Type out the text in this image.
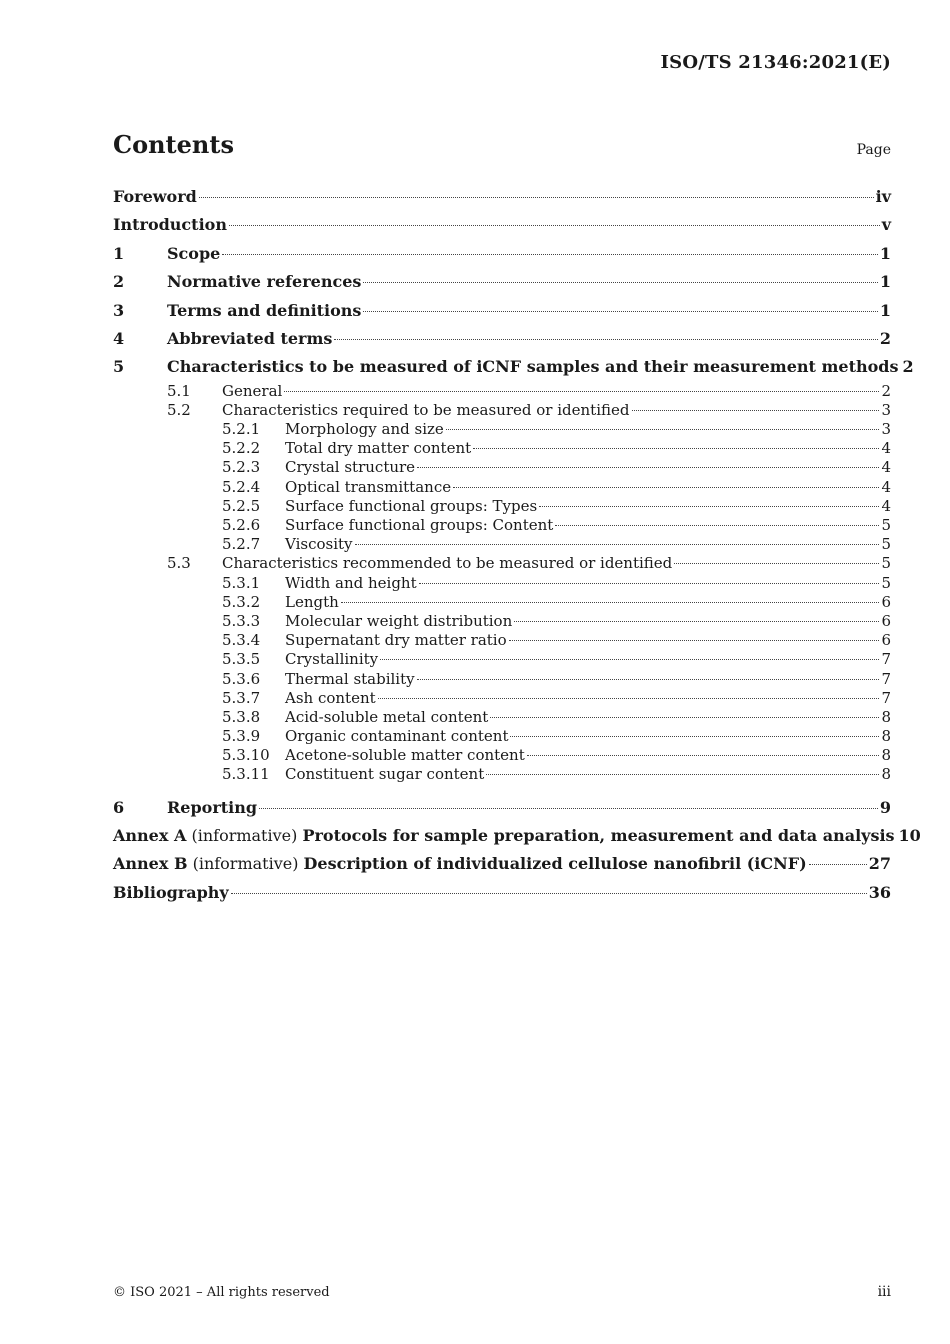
ISO/TS 21346:2021(E)
Contents	Page
Foreword	iv
Introduction	v
1	Scope	1
2	Normative references	1
3	Terms and definitions	1
4	Abbreviated terms	2
5	Characteristics to be measured of iCNF samples and their measurement methods 2
5.1	General	2
5.2	Characteristics required to be measured or identified	3
5.2.1	Morphology and size	3
5.2.2	Total dry matter content	4
5.2.3	Crystal structure	4
5.2.4	Optical transmittance	4
5.2.5	Surface functional groups: Types	4
5.2.6	Surface functional groups: Content	5
5.2.7	Viscosity	5
5.3	Characteristics recommended to be measured or identified	5
5.3.1	Width and height	5
5.3.2	Length	6
5.3.3	Molecular weight distribution	6
5.3.4	Supernatant dry matter ratio	6
5.3.5	Crystallinity	7
5.3.6	Thermal stability	7
5.3.7	Ash content	7
5.3.8	Acid-soluble metal content	8
5.3.9	Organic contaminant content	8
5.3.10	Acetone-soluble matter content	8
5.3.11	Constituent sugar content	8
6	Reporting	9
Annex A (informative) Protocols for sample preparation, measurement and data analysis 10
Annex B (informative) Description of individualized cellulose nanofibril (iCNF)	27
Bibliography	36
© ISO 2021 – All rights reserved	iii
